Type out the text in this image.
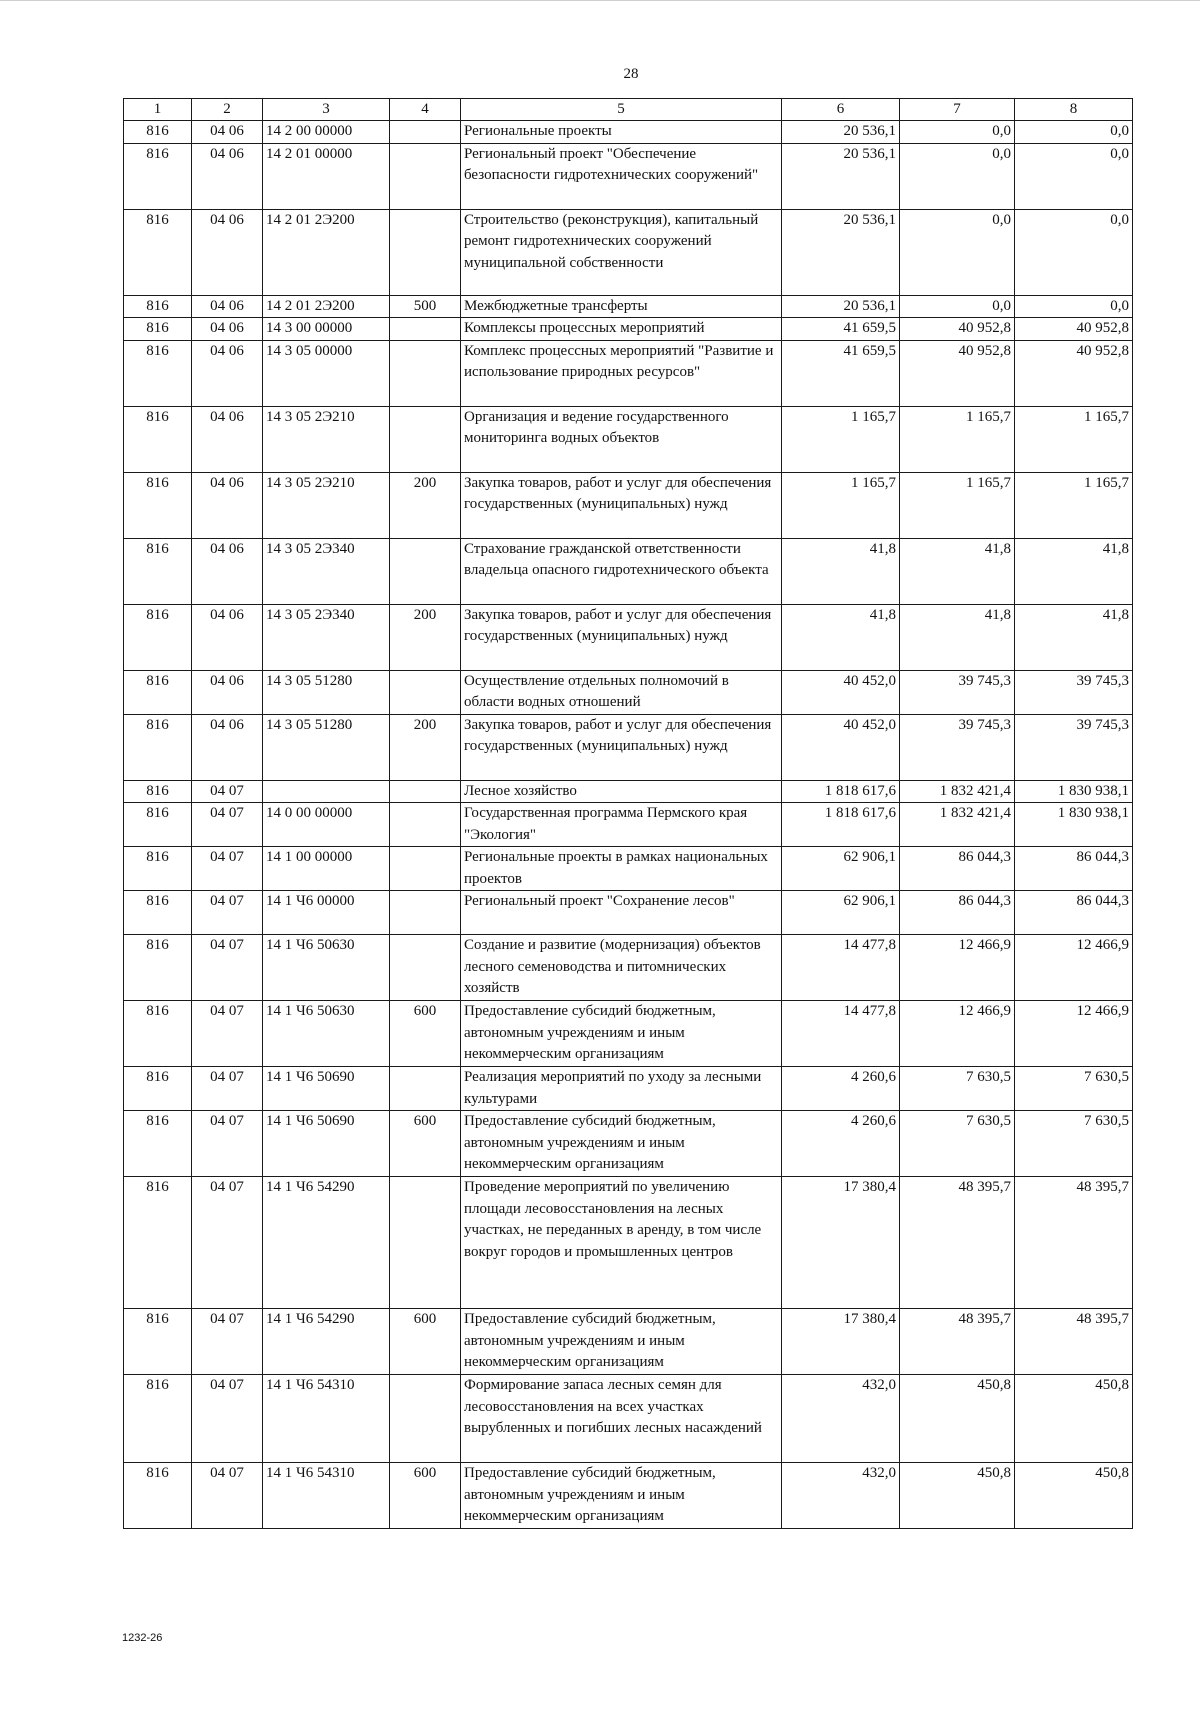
28
1	2	3	4	5	6	7	8
816	04 06	14 2 00 00000		Региональные проекты	20 536,1	0,0	0,0
816	04 06	14 2 01 00000		Региональный проект "Обеспечение безопасности гидротехнических сооружений"	20 536,1	0,0	0,0
816	04 06	14 2 01 2Э200		Строительство (реконструкция), капитальный ремонт гидротехнических сооружений муниципальной собственности	20 536,1	0,0	0,0
816	04 06	14 2 01 2Э200	500	Межбюджетные трансферты	20 536,1	0,0	0,0
816	04 06	14 3 00 00000		Комплексы процессных мероприятий	41 659,5	40 952,8	40 952,8
816	04 06	14 3 05 00000		Комплекс процессных мероприятий "Развитие и использование природных ресурсов"	41 659,5	40 952,8	40 952,8
816	04 06	14 3 05 2Э210		Организация и ведение государственного мониторинга водных объектов	1 165,7	1 165,7	1 165,7
816	04 06	14 3 05 2Э210	200	Закупка товаров, работ и услуг для обеспечения государственных (муниципальных) нужд	1 165,7	1 165,7	1 165,7
816	04 06	14 3 05 2Э340		Страхование гражданской ответственности владельца опасного гидротехнического объекта	41,8	41,8	41,8
816	04 06	14 3 05 2Э340	200	Закупка товаров, работ и услуг для обеспечения государственных (муниципальных) нужд	41,8	41,8	41,8
816	04 06	14 3 05 51280		Осуществление отдельных полномочий в области водных отношений	40 452,0	39 745,3	39 745,3
816	04 06	14 3 05 51280	200	Закупка товаров, работ и услуг для обеспечения государственных (муниципальных) нужд	40 452,0	39 745,3	39 745,3
816	04 07			Лесное хозяйство	1 818 617,6	1 832 421,4	1 830 938,1
816	04 07	14 0 00 00000		Государственная программа Пермского края "Экология"	1 818 617,6	1 832 421,4	1 830 938,1
816	04 07	14 1 00 00000		Региональные проекты в рамках национальных проектов	62 906,1	86 044,3	86 044,3
816	04 07	14 1 Ч6 00000		Региональный проект "Сохранение лесов"	62 906,1	86 044,3	86 044,3
816	04 07	14 1 Ч6 50630		Создание и развитие (модернизация) объектов лесного семеноводства и питомнических хозяйств	14 477,8	12 466,9	12 466,9
816	04 07	14 1 Ч6 50630	600	Предоставление субсидий бюджетным, автономным учреждениям и иным некоммерческим организациям	14 477,8	12 466,9	12 466,9
816	04 07	14 1 Ч6 50690		Реализация мероприятий по уходу за лесными культурами	4 260,6	7 630,5	7 630,5
816	04 07	14 1 Ч6 50690	600	Предоставление субсидий бюджетным, автономным учреждениям и иным некоммерческим организациям	4 260,6	7 630,5	7 630,5
816	04 07	14 1 Ч6 54290		Проведение мероприятий по увеличению площади лесовосстановления на лесных участках, не переданных в аренду, в том числе вокруг городов и промышленных центров	17 380,4	48 395,7	48 395,7
816	04 07	14 1 Ч6 54290	600	Предоставление субсидий бюджетным, автономным учреждениям и иным некоммерческим организациям	17 380,4	48 395,7	48 395,7
816	04 07	14 1 Ч6 54310		Формирование запаса лесных семян для лесовосстановления на всех участках вырубленных и погибших лесных насаждений	432,0	450,8	450,8
816	04 07	14 1 Ч6 54310	600	Предоставление субсидий бюджетным, автономным учреждениям и иным некоммерческим организациям	432,0	450,8	450,8
1232-26
